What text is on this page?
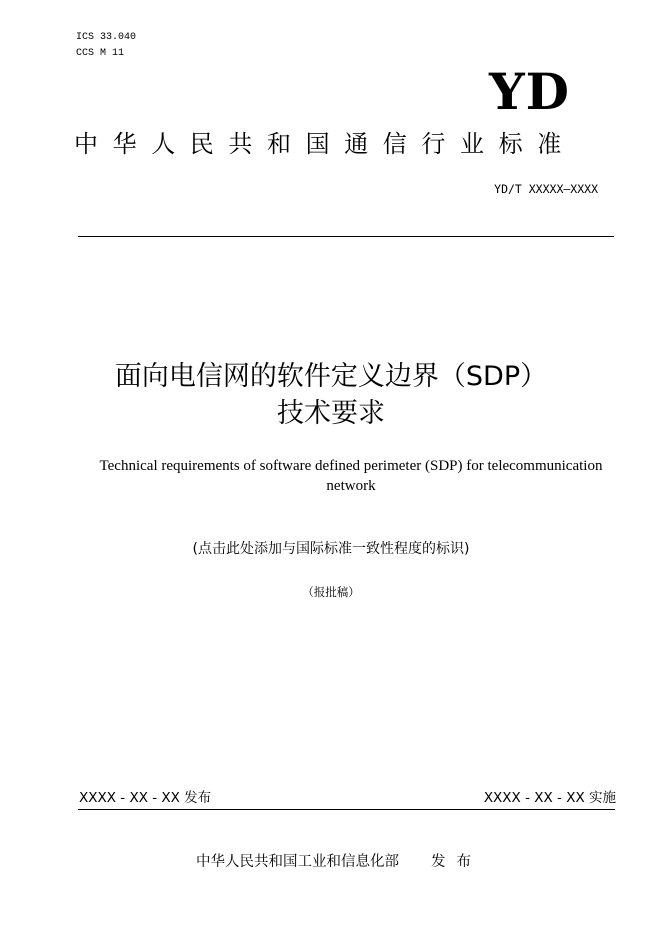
ICS 33.040
CCS M 11
YD
中华人民共和国通信行业标准
YD/T XXXXX—XXXX
面向电信网的软件定义边界（SDP）
技术要求
Technical requirements of software defined perimeter (SDP) for telecommunication network
(点击此处添加与国际标准一致性程度的标识)
（报批稿）
XXXX - XX - XX 发布	XXXX - XX - XX 实施
中华人民共和国工业和信息化部 发布
